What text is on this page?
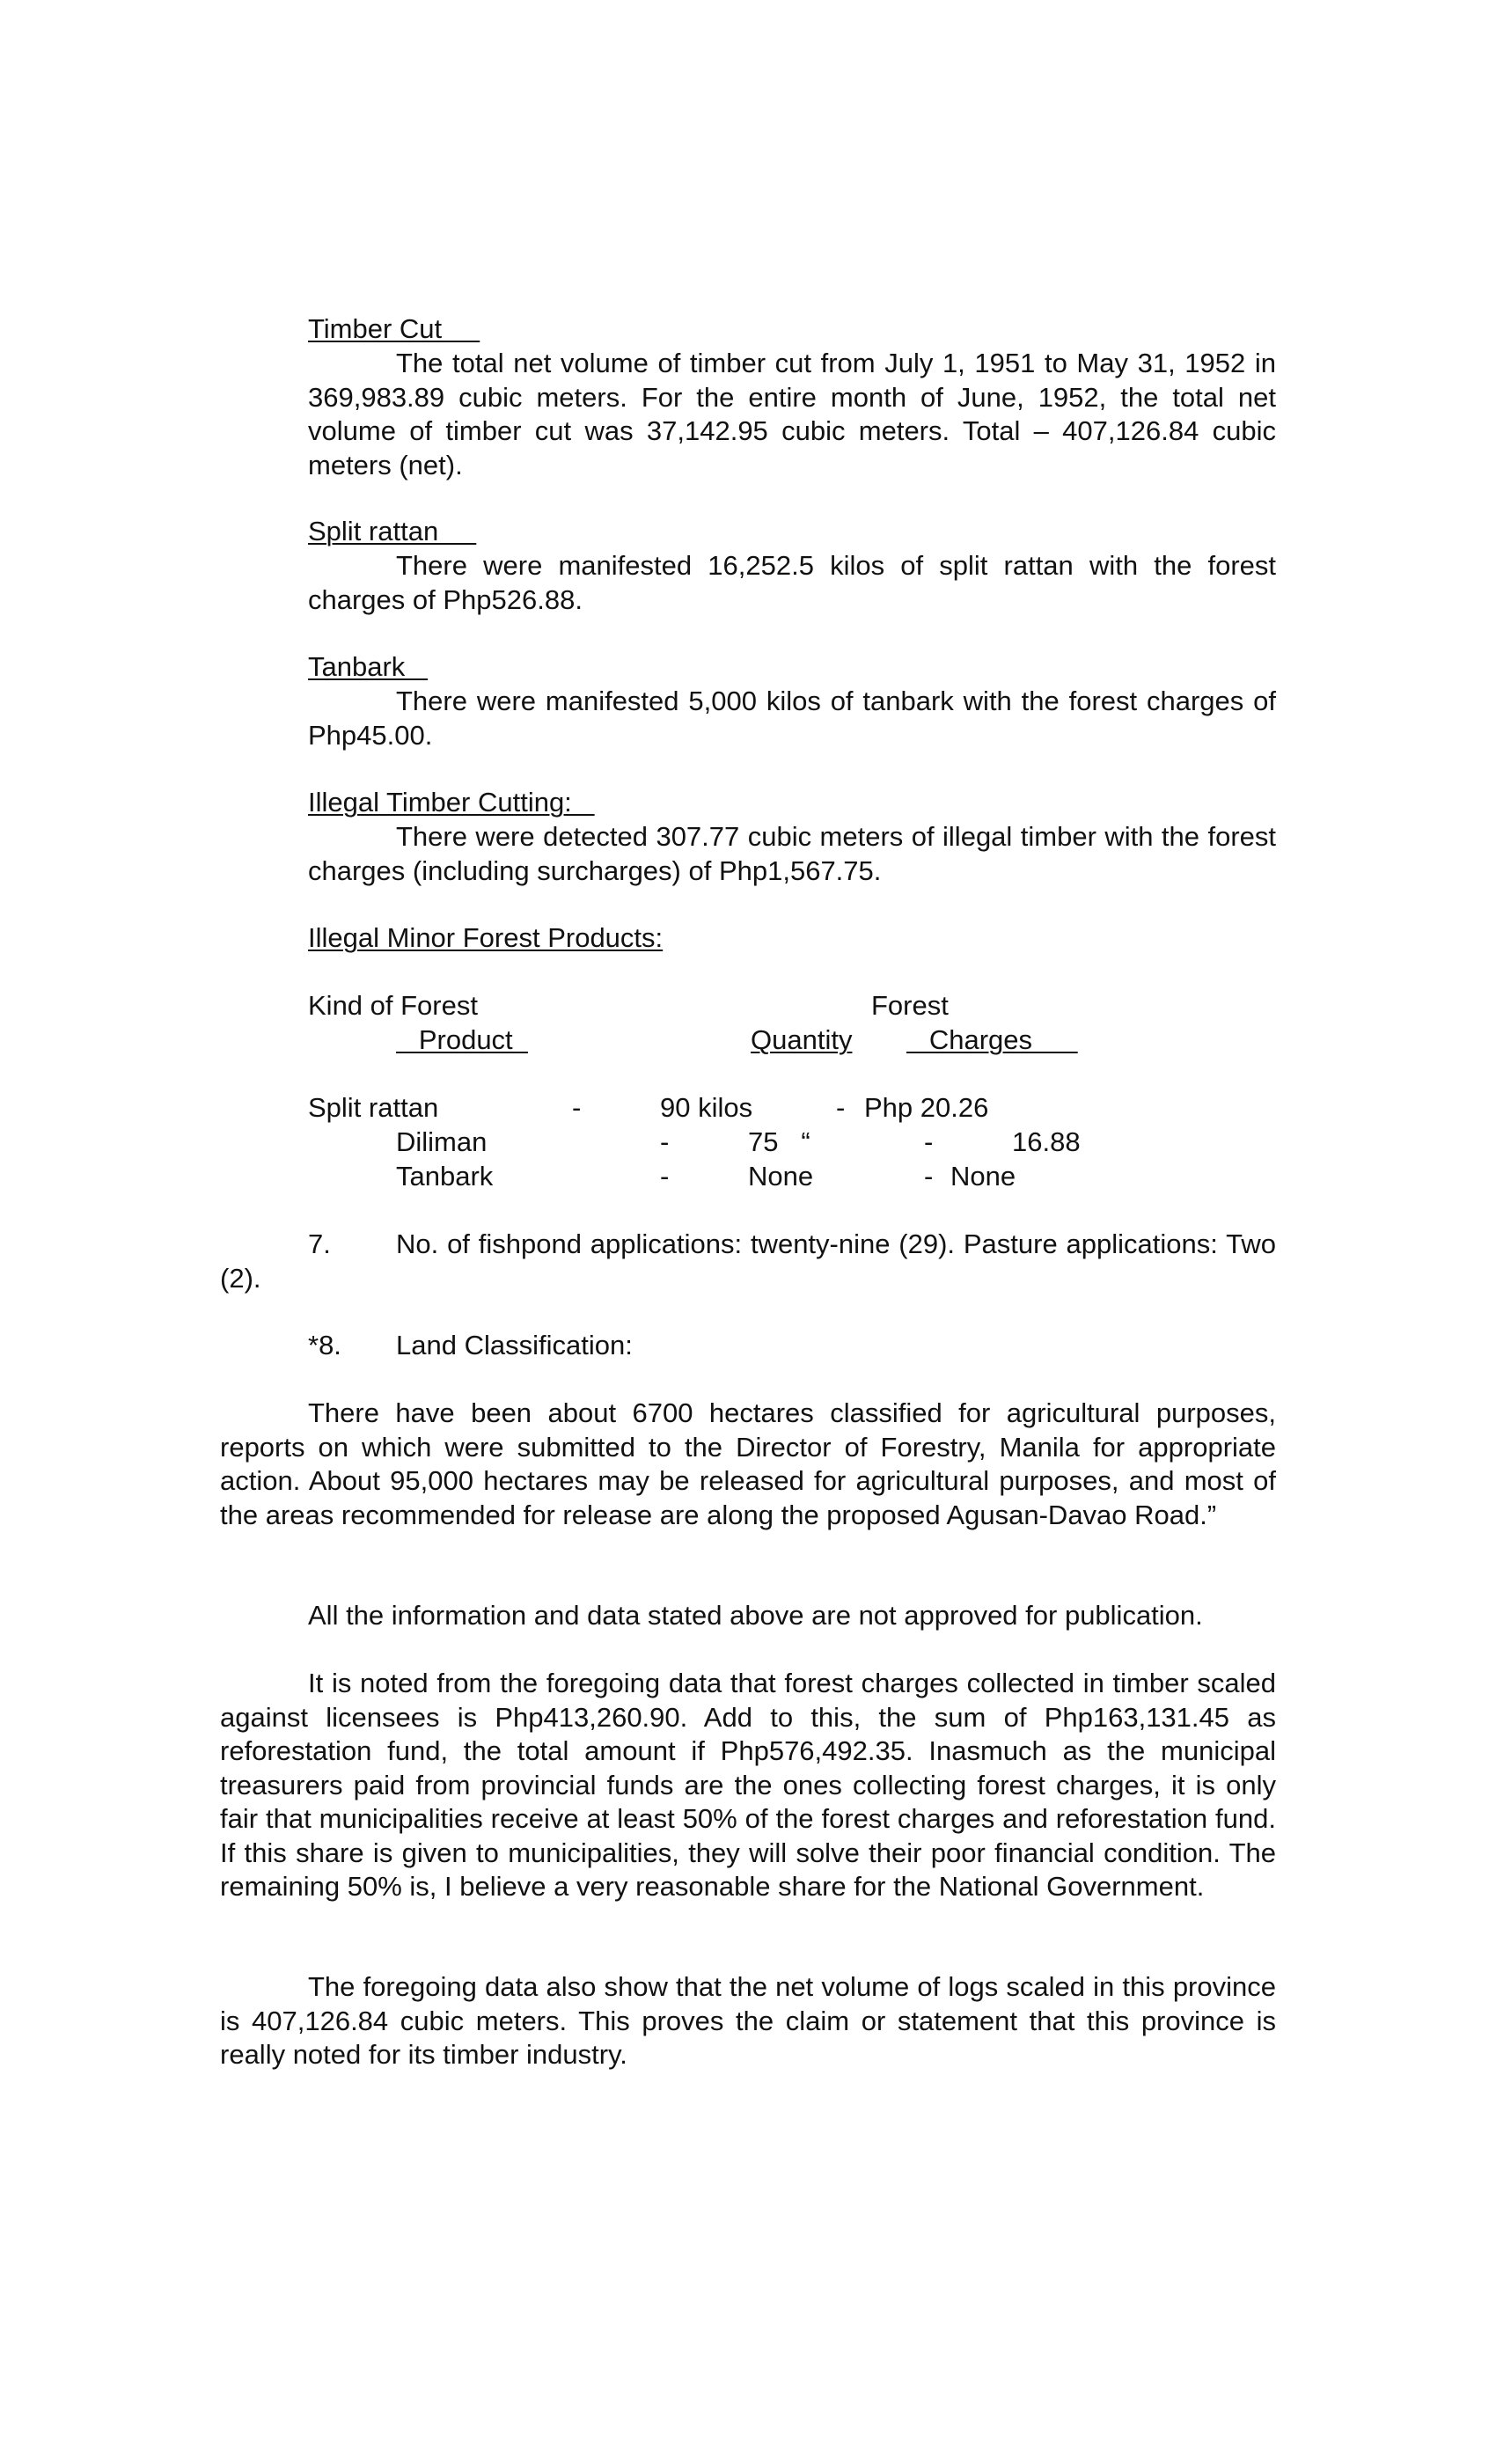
Timber Cut

The total net volume of timber cut from July 1, 1951 to May 31, 1952 in 369,983.89 cubic meters. For the entire month of June, 1952, the total net volume of timber cut was 37,142.95 cubic meters. Total – 407,126.84 cubic meters (net).

Split rattan

There were manifested 16,252.5 kilos of split rattan with the forest charges of Php526.88.

Tanbark

There were manifested 5,000 kilos of tanbark with the forest charges of Php45.00.

Illegal Timber Cutting:

There were detected 307.77 cubic meters of illegal timber with the forest charges (including surcharges) of Php1,567.75.

Illegal Minor Forest Products:
Kind of Forest	Forest
Product	Quantity Charges
Split rattan	-	90 kilos	- Php 20.26
Diliman	-	75   “	-	16.88
Tanbark	-	None	- None
7.	No. of fishpond applications: twenty-nine (29). Pasture applications: Two (2).

*8. Land Classification:

There have been about 6700 hectares classified for agricultural purposes, reports on which were submitted to the Director of Forestry, Manila for appropriate action. About 95,000 hectares may be released for agricultural purposes, and most of the areas recommended for release are along the proposed Agusan-Davao Road.”

All the information and data stated above are not approved for publication.

It is noted from the foregoing data that forest charges collected in timber scaled against licensees is Php413,260.90. Add to this, the sum of Php163,131.45 as reforestation fund, the total amount if Php576,492.35. Inasmuch as the municipal treasurers paid from provincial funds are the ones collecting forest charges, it is only fair that municipalities receive at least 50% of the forest charges and reforestation fund. If this share is given to municipalities, they will solve their poor financial condition. The remaining 50% is, I believe a very reasonable share for the National Government.

The foregoing data also show that the net volume of logs scaled in this province is 407,126.84 cubic meters. This proves the claim or statement that this province is really noted for its timber industry.
